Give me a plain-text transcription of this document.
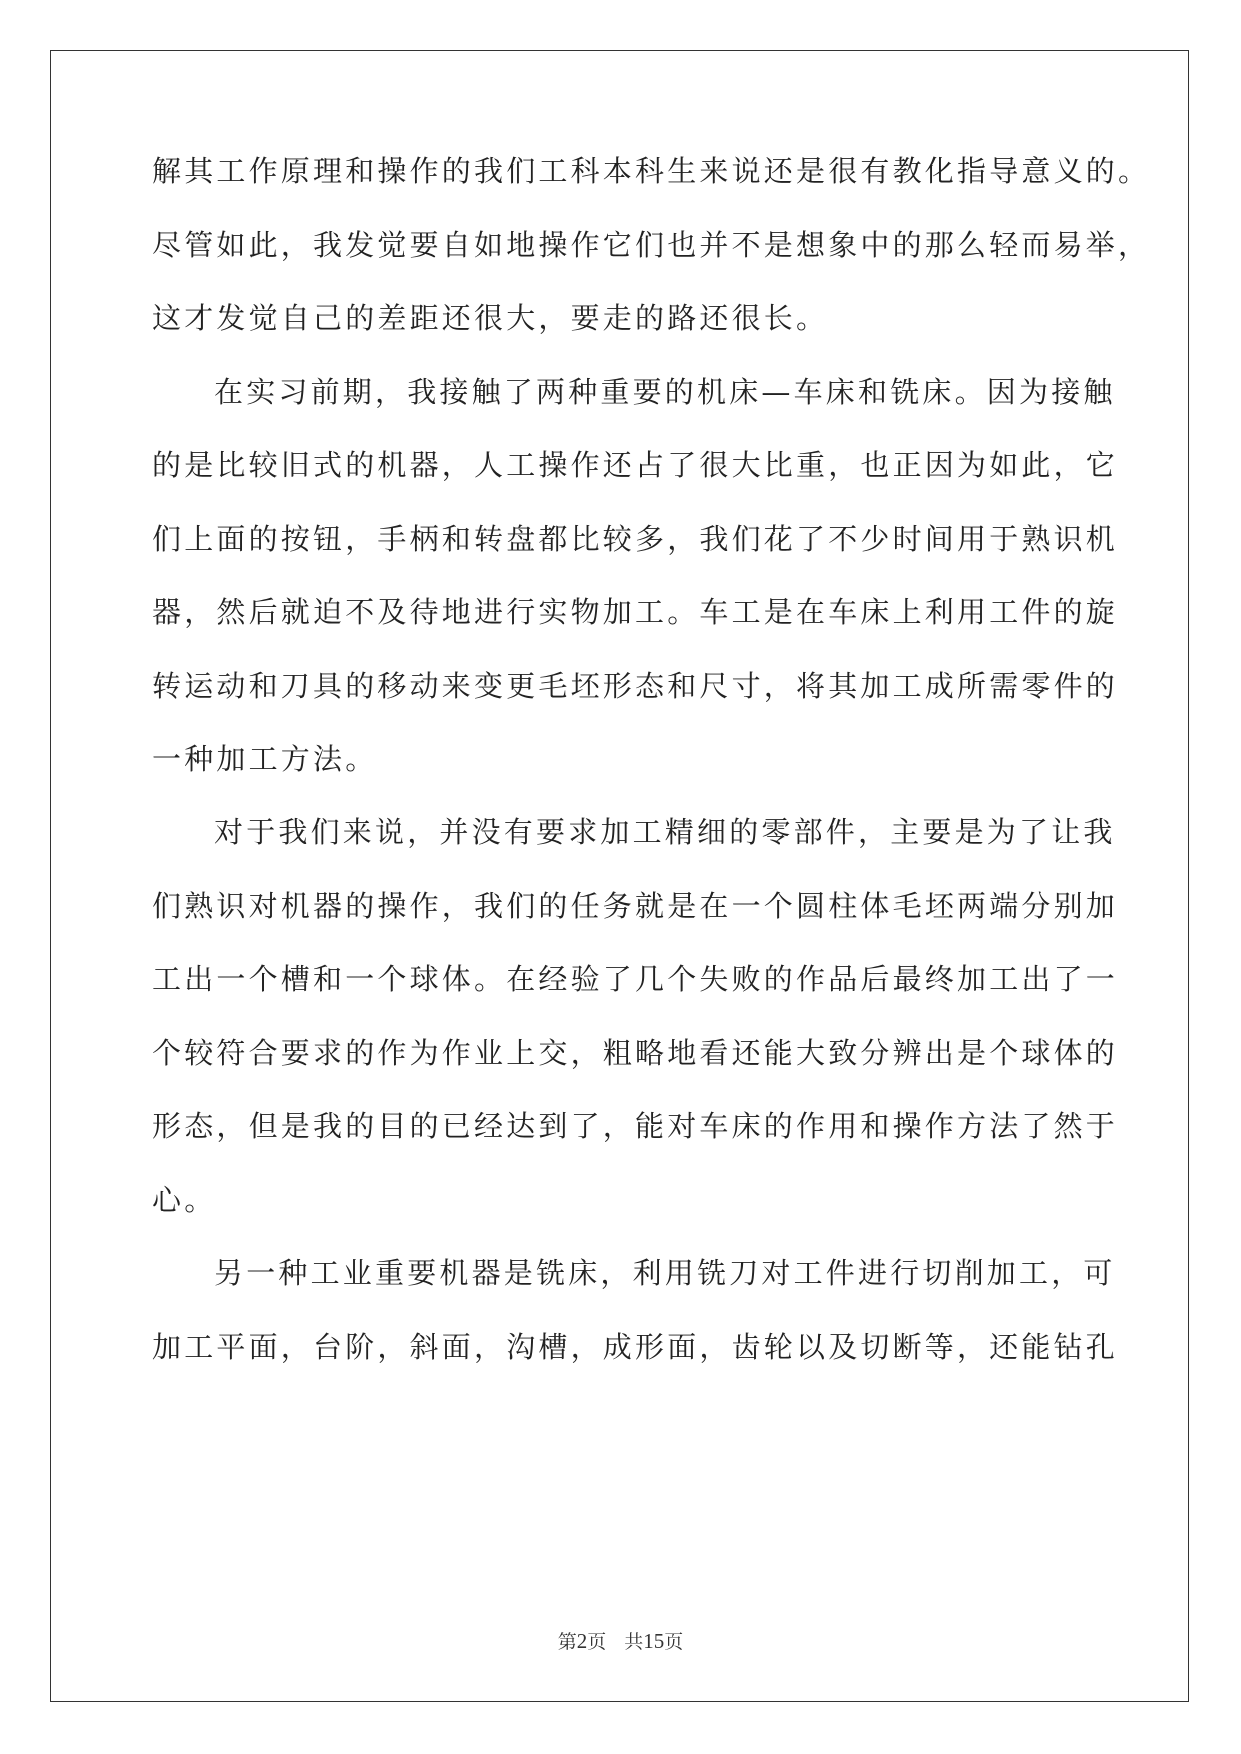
解其工作原理和操作的我们工科本科生来说还是很有教化指导意义的。
尽管如此，我发觉要自如地操作它们也并不是想象中的那么轻而易举，
这才发觉自己的差距还很大，要走的路还很长。
在实习前期，我接触了两种重要的机床—车床和铣床。因为接触
的是比较旧式的机器，人工操作还占了很大比重，也正因为如此，它
们上面的按钮，手柄和转盘都比较多，我们花了不少时间用于熟识机
器，然后就迫不及待地进行实物加工。车工是在车床上利用工件的旋
转运动和刀具的移动来变更毛坯形态和尺寸，将其加工成所需零件的
一种加工方法。
对于我们来说，并没有要求加工精细的零部件，主要是为了让我
们熟识对机器的操作，我们的任务就是在一个圆柱体毛坯两端分别加
工出一个槽和一个球体。在经验了几个失败的作品后最终加工出了一
个较符合要求的作为作业上交，粗略地看还能大致分辨出是个球体的
形态，但是我的目的已经达到了，能对车床的作用和操作方法了然于
心。
另一种工业重要机器是铣床，利用铣刀对工件进行切削加工，可
加工平面，台阶，斜面，沟槽，成形面，齿轮以及切断等，还能钻孔
第2页 共15页
